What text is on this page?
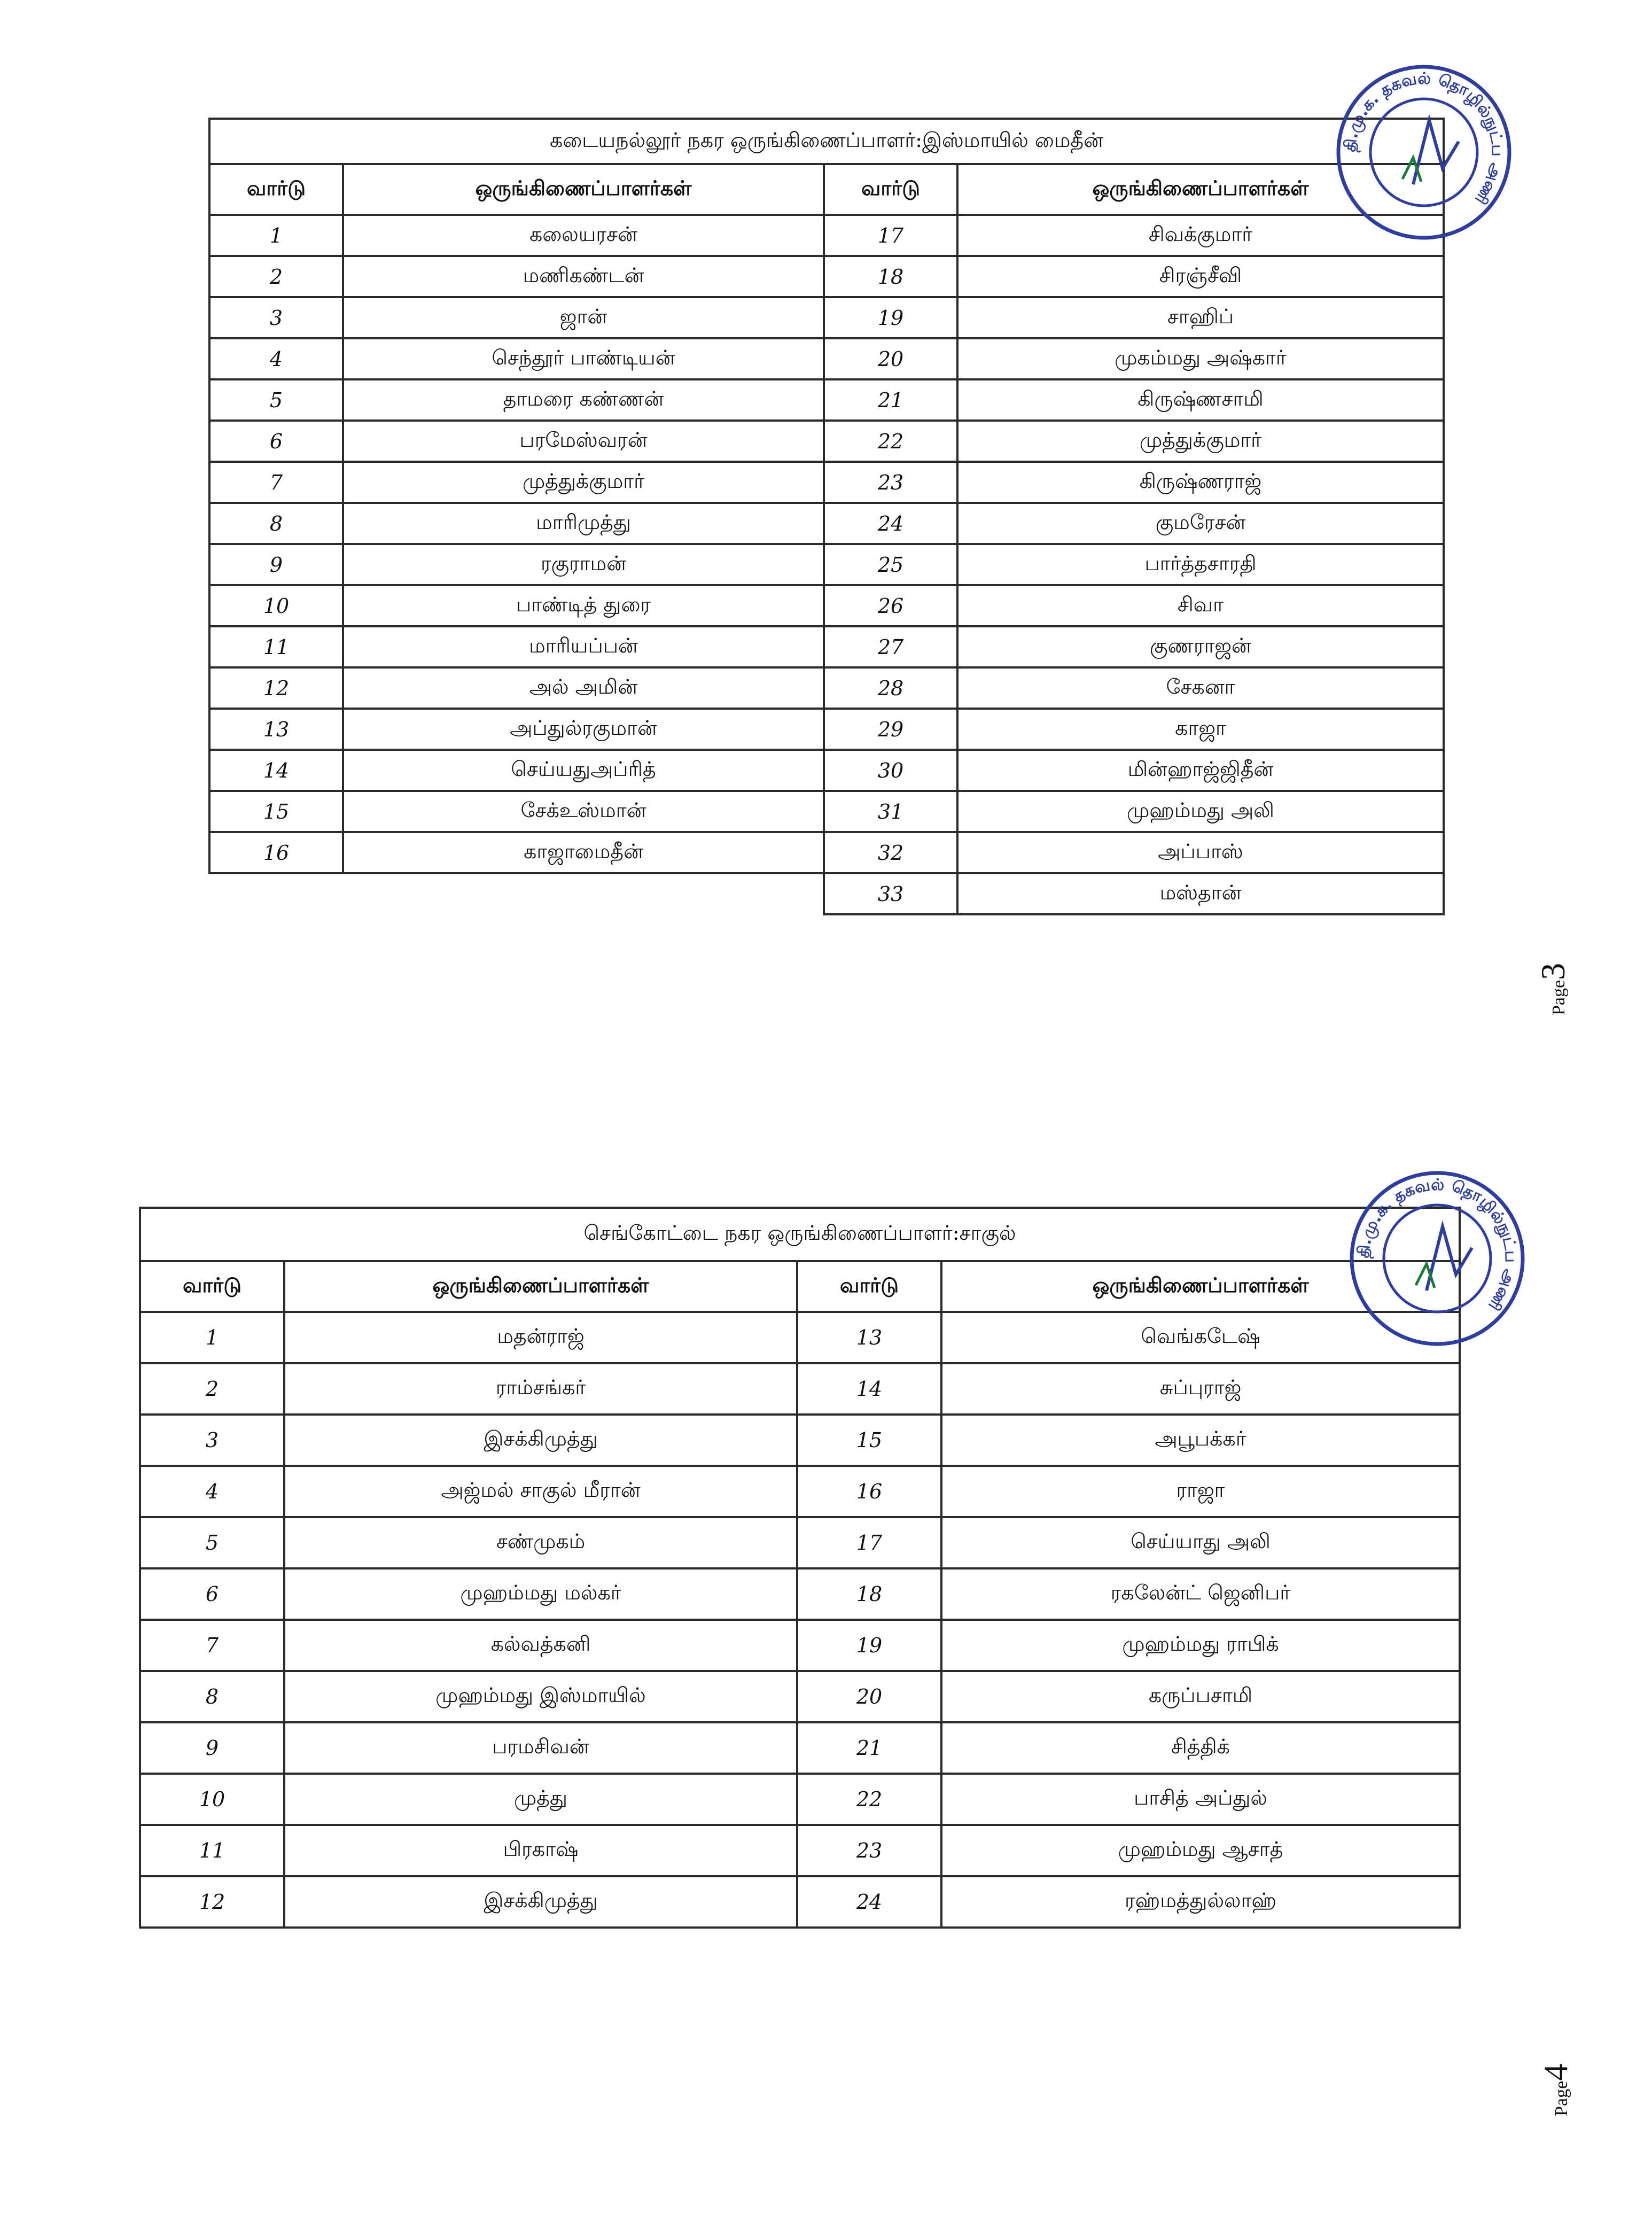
கடையநல்லூர் நகர ஒருங்கிணைப்பாளர்:இஸ்மாயில் மைதீன்			
வார்டு	ஒருங்கிணைப்பாளர்கள்	வார்டு	ஒருங்கிணைப்பாளர்கள்
1	கலையரசன்	17	சிவக்குமார்
2	மணிகண்டன்	18	சிரஞ்சீவி
3	ஜான்	19	சாஹிப்
4	செந்தூர் பாண்டியன்	20	முகம்மது அஷ்கார்
5	தாமரை கண்ணன்	21	கிருஷ்ணசாமி
6	பரமேஸ்வரன்	22	முத்துக்குமார்
7	முத்துக்குமார்	23	கிருஷ்ணராஜ்
8	மாரிமுத்து	24	குமரேசன்
9	ரகுராமன்	25	பார்த்தசாரதி
10	பாண்டித் துரை	26	சிவா
11	மாரியப்பன்	27	குணராஜன்
12	அல் அமின்	28	சேகனா
13	அப்துல்ரகுமான்	29	காஜா
14	செய்யதுஅப்ரித்	30	மின்ஹாஜ்ஜிதீன்
15	சேக்உஸ்மான்	31	முஹம்மது அலி
16	காஜாமைதீன்	32	அப்பாஸ்
		33	மஸ்தான்
தி.மு.க. தகவல் தொழில்நுட்ப அணி
Page3
செங்கோட்டை நகர ஒருங்கிணைப்பாளர்:சாகுல்			
வார்டு	ஒருங்கிணைப்பாளர்கள்	வார்டு	ஒருங்கிணைப்பாளர்கள்
1	மதன்ராஜ்	13	வெங்கடேஷ்
2	ராம்சங்கர்	14	சுப்புராஜ்
3	இசக்கிமுத்து	15	அபூபக்கர்
4	அஜ்மல் சாகுல் மீரான்	16	ராஜா
5	சண்முகம்	17	செய்யாது அலி
6	முஹம்மது மல்கர்	18	ரகலேன்ட் ஜெனிபர்
7	கல்வத்கனி	19	முஹம்மது ராபிக்
8	முஹம்மது இஸ்மாயில்	20	கருப்பசாமி
9	பரமசிவன்	21	சித்திக்
10	முத்து	22	பாசித் அப்துல்
11	பிரகாஷ்	23	முஹம்மது ஆசாத்
12	இசக்கிமுத்து	24	ரஹ்மத்துல்லாஹ்
தி.மு.க. தகவல் தொழில்நுட்ப அணி
Page4
